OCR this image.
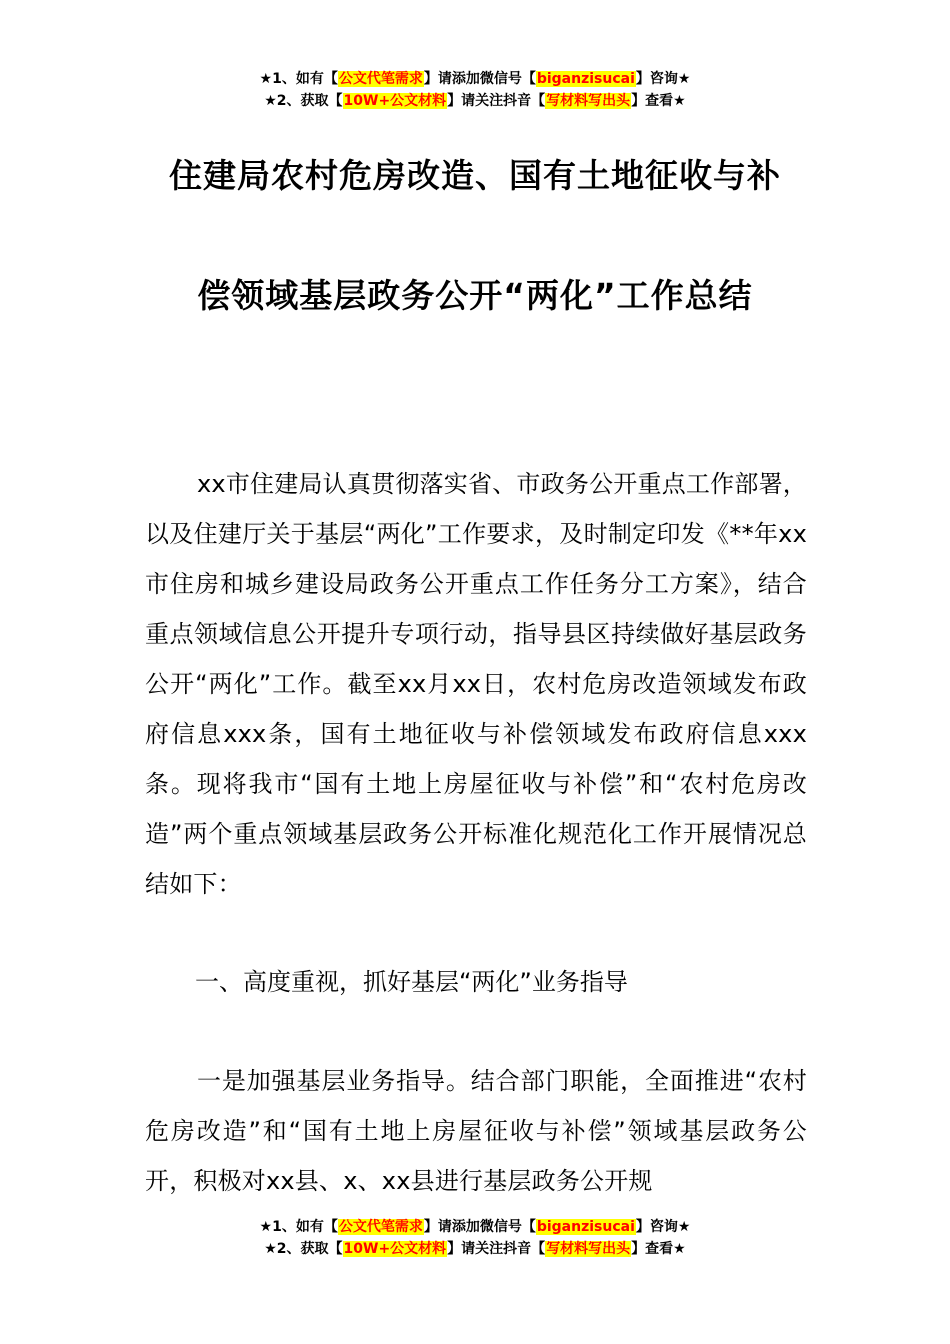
★1、如有【公文代笔需求】请添加微信号【biganzisucai】咨询★
★2、获取【10W+公文材料】请关注抖音【写材料写出头】查看★
住建局农村危房改造、国有土地征收与补
偿领域基层政务公开“两化”工作总结
xx市住建局认真贯彻落实省、市政务公开重点工作部署，以及住建厅关于基层“两化”工作要求，及时制定印发《**年xx市住房和城乡建设局政务公开重点工作任务分工方案》，结合重点领域信息公开提升专项行动，指导县区持续做好基层政务公开“两化”工作。截至xx月xx日，农村危房改造领域发布政府信息xxx条，国有土地征收与补偿领域发布政府信息xxx条。现将我市“国有土地上房屋征收与补偿”和“农村危房改造”两个重点领域基层政务公开标准化规范化工作开展情况总结如下：
一、高度重视，抓好基层“两化”业务指导
一是加强基层业务指导。结合部门职能，全面推进“农村危房改造”和“国有土地上房屋征收与补偿”领域基层政务公开，积极对xx县、x、xx县进行基层政务公开规
★1、如有【公文代笔需求】请添加微信号【biganzisucai】咨询★
★2、获取【10W+公文材料】请关注抖音【写材料写出头】查看★
